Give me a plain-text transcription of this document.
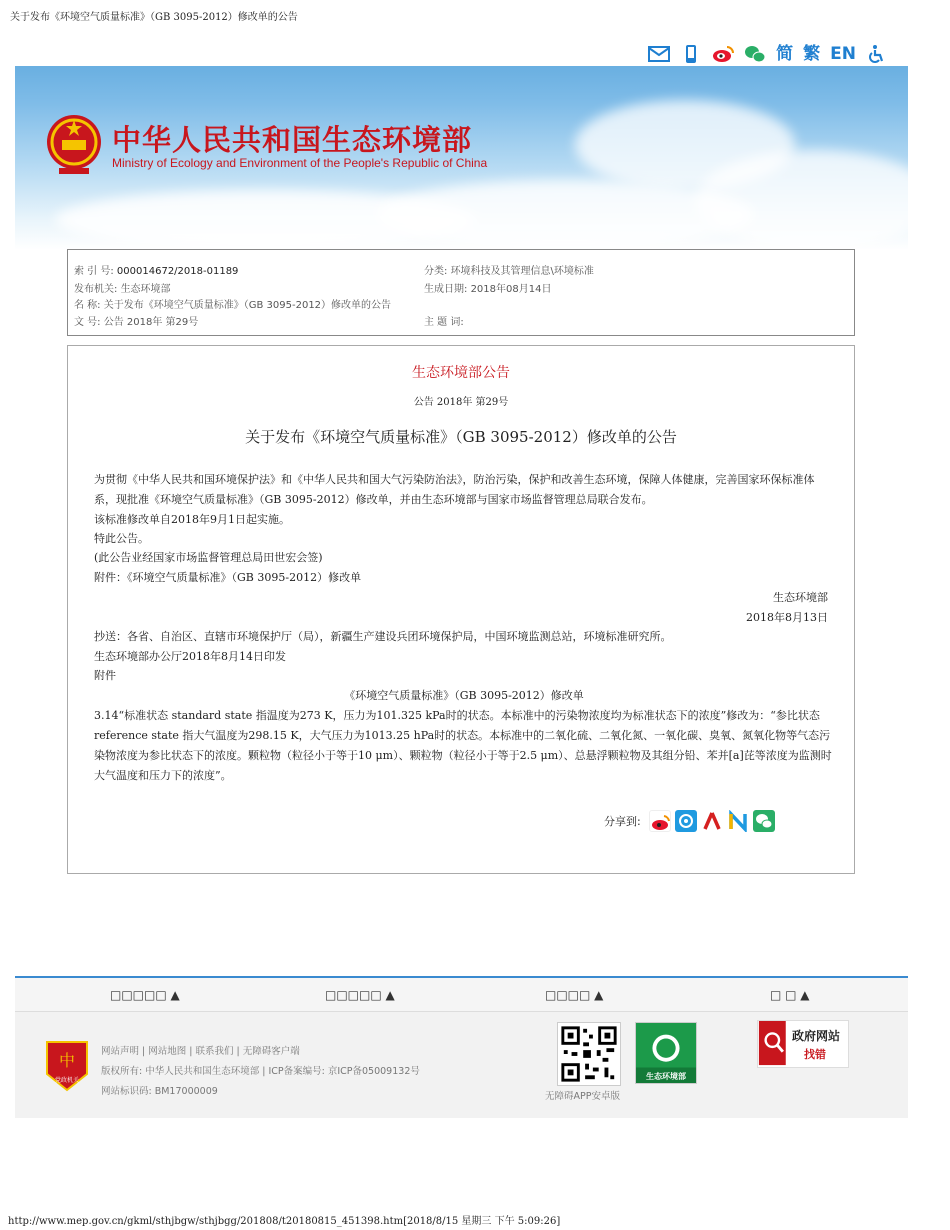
关于发布《环境空气质量标准》（GB 3095-2012）修改单的公告
简 繁 EN
中华人民共和国生态环境部
Ministry of Ecology and Environment of the People's Republic of China
索 引 号: 000014672/2018-01189	分类: 环境科技及其管理信息\环境标准
发布机关: 生态环境部	生成日期: 2018年08月14日
名 称: 关于发布《环境空气质量标准》（GB 3095-2012）修改单的公告
文 号: 公告 2018年 第29号	主 题 词:
生态环境部公告
公告 2018年 第29号
关于发布《环境空气质量标准》（GB 3095-2012）修改单的公告
为贯彻《中华人民共和国环境保护法》和《中华人民共和国大气污染防治法》，防治污染，保护和改善生态环境，保障人体健康，完善国家环保标准体系，现批准《环境空气质量标准》（GB 3095-2012）修改单，并由生态环境部与国家市场监督管理总局联合发布。
该标准修改单自2018年9月1日起实施。
特此公告。
(此公告业经国家市场监督管理总局田世宏会签)
附件：《环境空气质量标准》（GB 3095-2012）修改单
生态环境部
2018年8月13日
抄送：各省、自治区、直辖市环境保护厅（局），新疆生产建设兵团环境保护局，中国环境监测总站，环境标准研究所。
生态环境部办公厅2018年8月14日印发
附件
《环境空气质量标准》（GB 3095-2012）修改单
3.14“标准状态 standard state 指温度为273 K，压力为101.325 kPa时的状态。本标准中的污染物浓度均为标准状态下的浓度”修改为：“参比状态 reference state 指大气温度为298.15 K，大气压力为1013.25 hPa时的状态。本标准中的二氧化硫、二氧化氮、一氧化碳、臭氧、氮氧化物等气态污染物浓度为参比状态下的浓度。颗粒物（粒径小于等于10 μm）、颗粒物（粒径小于等于2.5 μm）、总悬浮颗粒物及其组分铅、苯并[a]芘等浓度为监测时大气温度和压力下的浓度”。
分享到:
□□□□□ ▲	□□□□□ ▲	□□□□ ▲	□ □ ▲
中
党政机关
网站声明 | 网站地图 | 联系我们 | 无障碍客户端
版权所有: 中华人民共和国生态环境部 | ICP备案编号: 京ICP备05009132号
网站标识码: BM17000009
生态环境部
无障碍APP安卓版
政府网站
找错
http://www.mep.gov.cn/gkml/sthjbgw/sthjbgg/201808/t20180815_451398.htm[2018/8/15 星期三 下午 5:09:26]
